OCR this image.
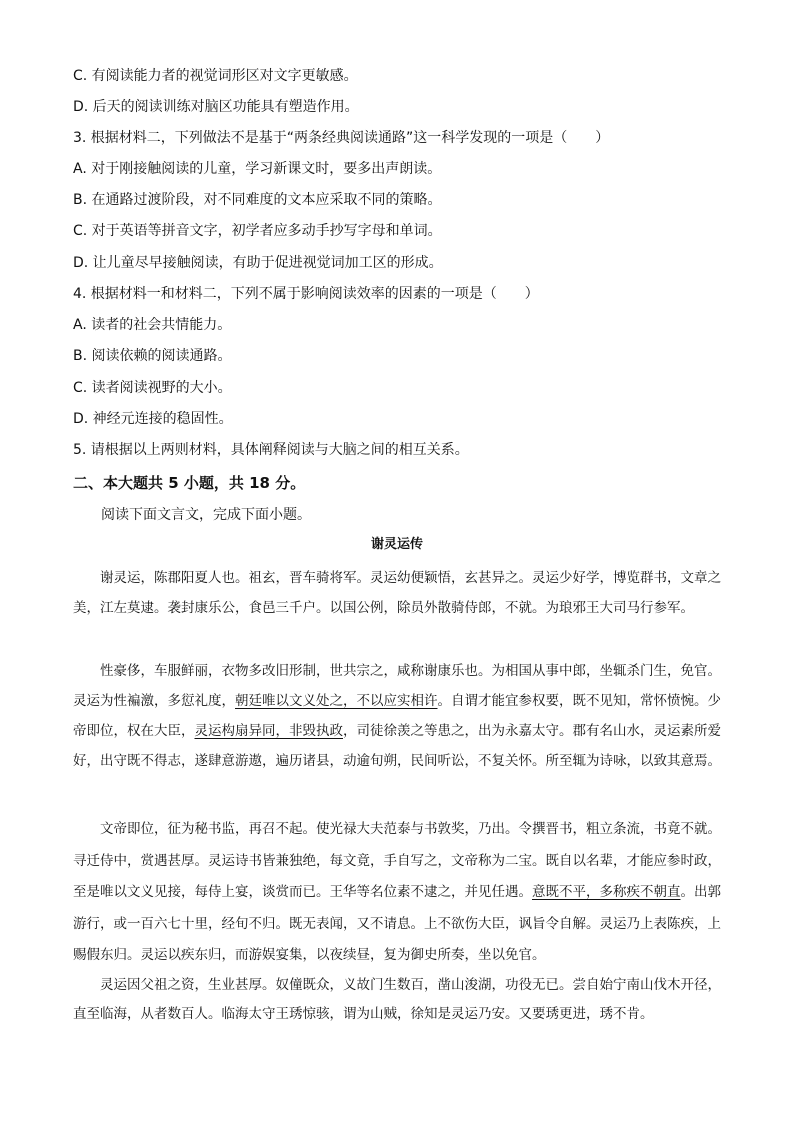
C. 有阅读能力者的视觉词形区对文字更敏感。
D. 后天的阅读训练对脑区功能具有塑造作用。
3. 根据材料二，下列做法不是基于“两条经典阅读通路”这一科学发现的一项是（　　）
A. 对于刚接触阅读的儿童，学习新课文时，要多出声朗读。
B. 在通路过渡阶段，对不同难度的文本应采取不同的策略。
C. 对于英语等拼音文字，初学者应多动手抄写字母和单词。
D. 让儿童尽早接触阅读，有助于促进视觉词加工区的形成。
4. 根据材料一和材料二，下列不属于影响阅读效率的因素的一项是（　　）
A. 读者的社会共情能力。
B. 阅读依赖的阅读通路。
C. 读者阅读视野的大小。
D. 神经元连接的稳固性。
5. 请根据以上两则材料，具体阐释阅读与大脑之间的相互关系。
二、本大题共 5 小题，共 18 分。
阅读下面文言文，完成下面小题。
谢灵运传
谢灵运，陈郡阳夏人也。祖玄，晋车骑将军。灵运幼便颖悟，玄甚异之。灵运少好学，博览群书，文章之美，江左莫逮。袭封康乐公，食邑三千户。以国公例，除员外散骑侍郎，不就。为琅邪王大司马行参军。
性豪侈，车服鲜丽，衣物多改旧形制，世共宗之，咸称谢康乐也。为相国从事中郎，坐辄杀门生，免官。灵运为性褊激，多愆礼度，朝廷唯以文义处之，不以应实相许。自谓才能宜参权要，既不见知，常怀愤惋。少帝即位，权在大臣，灵运构扇异同，非毁执政，司徒徐羡之等患之，出为永嘉太守。郡有名山水，灵运素所爱好，出守既不得志，遂肆意游遨，遍历诸县，动逾旬朔，民间听讼，不复关怀。所至辄为诗咏，以致其意焉。
文帝即位，征为秘书监，再召不起。使光禄大夫范泰与书敦奖，乃出。令撰晋书，粗立条流，书竟不就。寻迁侍中，赏遇甚厚。灵运诗书皆兼独绝，每文竟，手自写之，文帝称为二宝。既自以名辈，才能应参时政，至是唯以文义见接，每侍上宴，谈赏而已。王华等名位素不逮之，并见任遇。意既不平，多称疾不朝直。出郭游行，或一百六七十里，经旬不归。既无表闻，又不请息。上不欲伤大臣，讽旨令自解。灵运乃上表陈疾，上赐假东归。灵运以疾东归，而游娱宴集，以夜续昼，复为御史所奏，坐以免官。
灵运因父祖之资，生业甚厚。奴僮既众，义故门生数百，凿山浚湖，功役无已。尝自始宁南山伐木开径，直至临海，从者数百人。临海太守王琇惊骇，谓为山贼，徐知是灵运乃安。又要琇更进，琇不肯。
